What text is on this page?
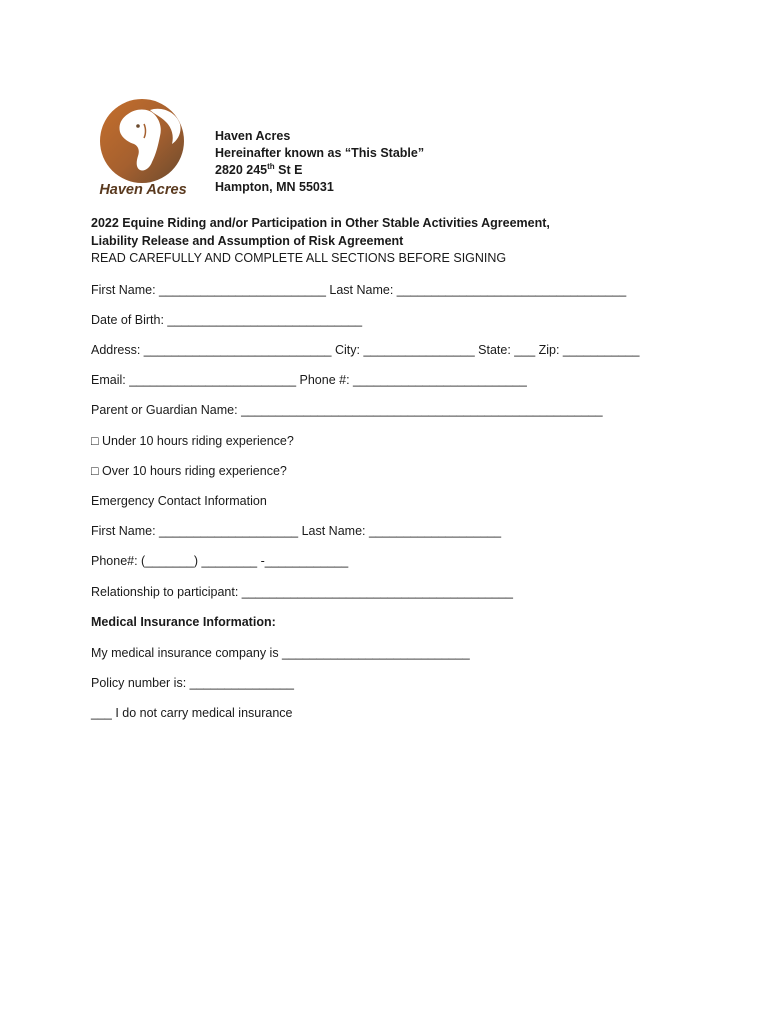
Haven Acres
Haven Acres
Hereinafter known as “This Stable”
2820 245th St E
Hampton, MN 55031
2022 Equine Riding and/or Participation in Other Stable Activities Agreement,
Liability Release and Assumption of Risk Agreement
READ CAREFULLY AND COMPLETE ALL SECTIONS BEFORE SIGNING
First Name: ________________________ Last Name: _________________________________
Date of Birth: ____________________________
Address: ___________________________ City: ________________ State: ___ Zip: ___________
Email: ________________________ Phone #: _________________________
Parent or Guardian Name: ____________________________________________________
□ Under 10 hours riding experience?
□ Over 10 hours riding experience?
Emergency Contact Information
First Name: ____________________ Last Name: ___________________
Phone#: (_______) ________ -____________
Relationship to participant: _______________________________________
Medical Insurance Information:
My medical insurance company is ___________________________
Policy number is: _______________
___ I do not carry medical insurance
